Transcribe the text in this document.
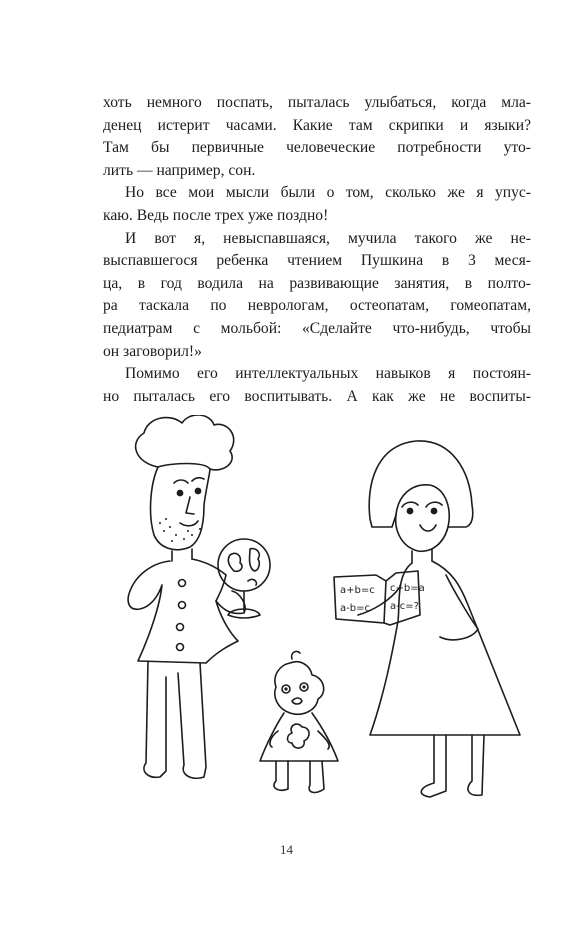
хоть немного поспать, пыталась улыбаться, когда мла-
денец истерит часами. Какие там скрипки и языки?
Там бы первичные человеческие потребности уто-
лить — например, сон.
Но все мои мысли были о том, сколько же я упус-
каю. Ведь после трех уже поздно!
И вот я, невыспавшаяся, мучила такого же не-
выспавшегося ребенка чтением Пушкина в 3 меся-
ца, в год водила на развивающие занятия, в полто-
ра таскала по неврологам, остеопатам, гомеопатам,
педиатрам с мольбой: «Сделайте что-нибудь, чтобы
он заговорил!»
Помимо его интеллектуальных навыков я постоян-
но пыталась его воспитывать. А как же не воспиты-
a+b=c
a-b=c
c+b=a
a-c=?
14
